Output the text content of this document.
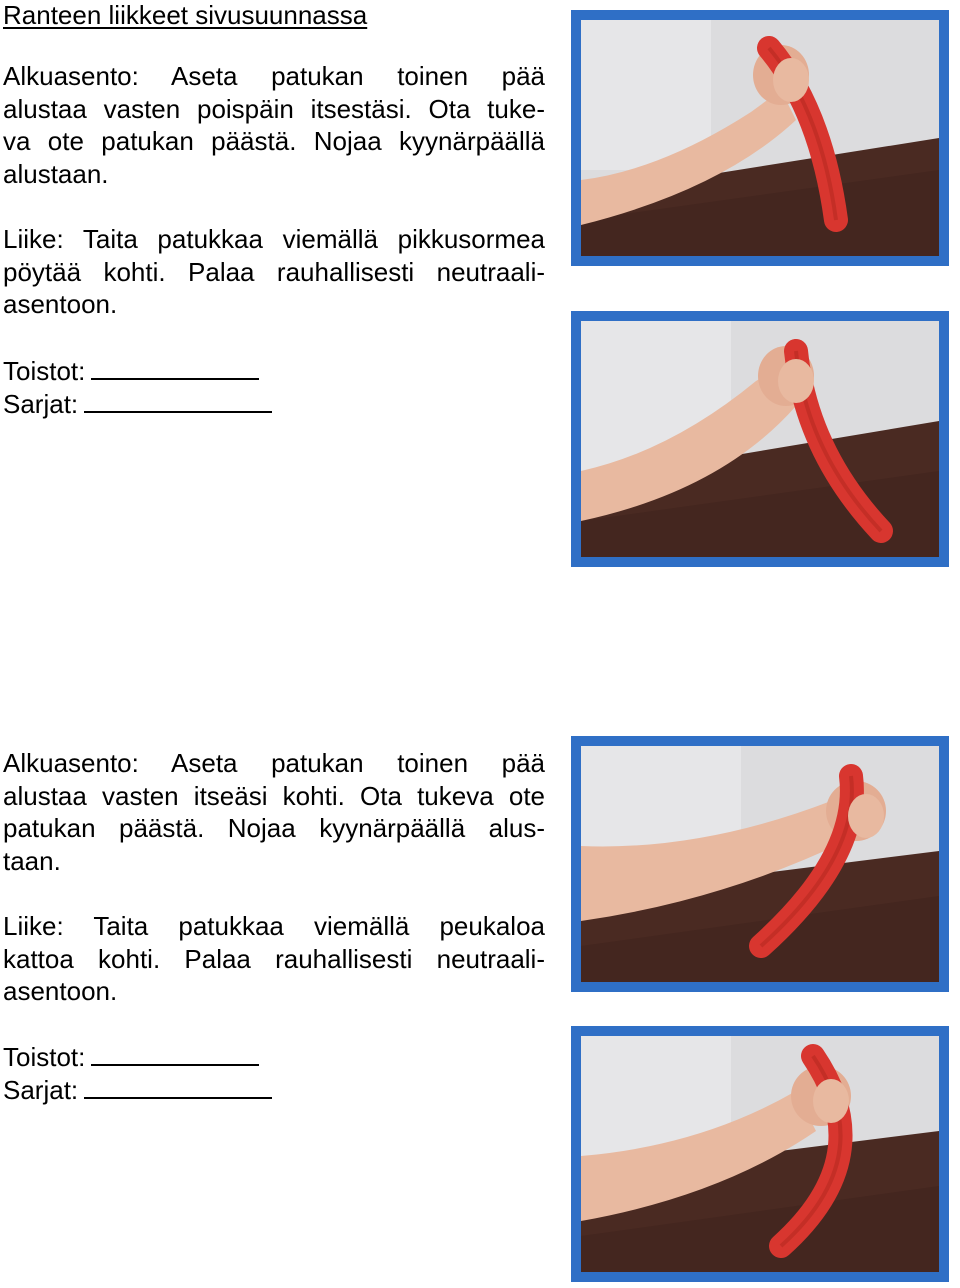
Ranteen liikkeet sivusuunnassa

Alkuasento: Aseta patukan toinen pää
alustaa vasten poispäin itsestäsi. Ota tuke-
va ote patukan päästä. Nojaa kyynärpäällä
alustaan.

Liike: Taita patukkaa viemällä pikkusormea
pöytää kohti. Palaa rauhallisesti neutraali-
asentoon.

Toistot:
Sarjat:

Alkuasento: Aseta patukan toinen pää
alustaa vasten itseäsi kohti. Ota tukeva ote
patukan päästä. Nojaa kyynärpäällä alus-
taan.

Liike: Taita patukkaa viemällä peukaloa
kattoa kohti. Palaa rauhallisesti neutraali-
asentoon.

Toistot:
Sarjat:
